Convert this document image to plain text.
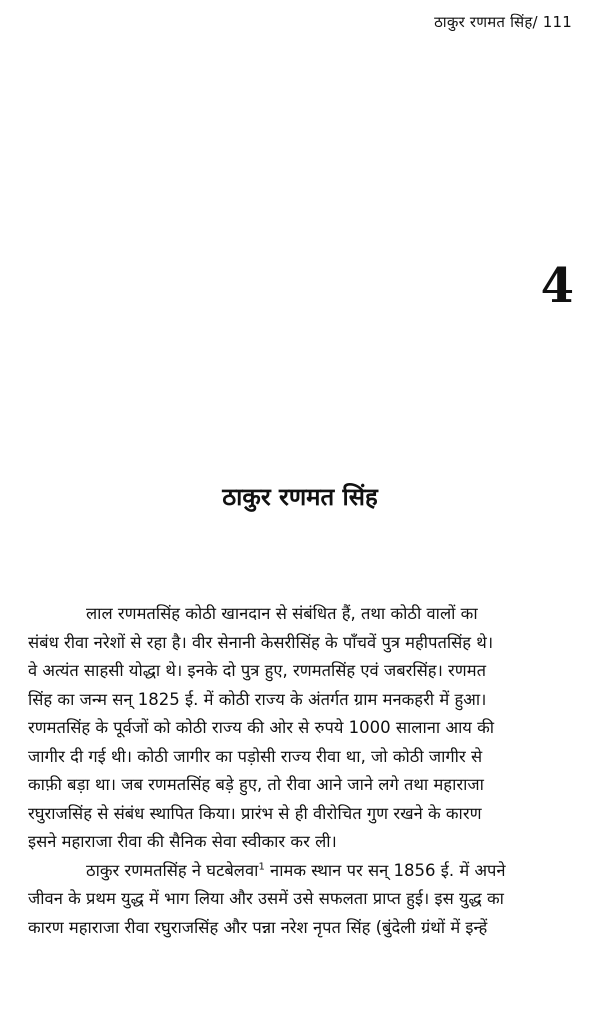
ठाकुर रणमत सिंह/ 111
4
ठाकुर रणमत सिंह
लाल रणमतसिंह कोठी खानदान से संबंधित हैं, तथा कोठी वालों का
संबंध रीवा नरेशों से रहा है। वीर सेनानी केसरीसिंह के पाँचवें पुत्र महीपतसिंह थे।
वे अत्यंत साहसी योद्धा थे। इनके दो पुत्र हुए, रणमतसिंह एवं जबरसिंह। रणमत
सिंह का जन्म सन् 1825 ई. में कोठी राज्य के अंतर्गत ग्राम मनकहरी में हुआ।
रणमतसिंह के पूर्वजों को कोठी राज्य की ओर से रुपये 1000 सालाना आय की
जागीर दी गई थी। कोठी जागीर का पड़ोसी राज्य रीवा था, जो कोठी जागीर से
काफ़ी बड़ा था। जब रणमतसिंह बड़े हुए, तो रीवा आने जाने लगे तथा महाराजा
रघुराजसिंह से संबंध स्थापित किया। प्रारंभ से ही वीरोचित गुण रखने के कारण
इसने महाराजा रीवा की सैनिक सेवा स्वीकार कर ली।
ठाकुर रणमतसिंह ने घटबेलवा$^1$ नामक स्थान पर सन् 1856 ई. में अपने
जीवन के प्रथम युद्ध में भाग लिया और उसमें उसे सफलता प्राप्त हुई। इस युद्ध का
कारण महाराजा रीवा रघुराजसिंह और पन्ना नरेश नृपत सिंह (बुंदेली ग्रंथों में इन्हें
